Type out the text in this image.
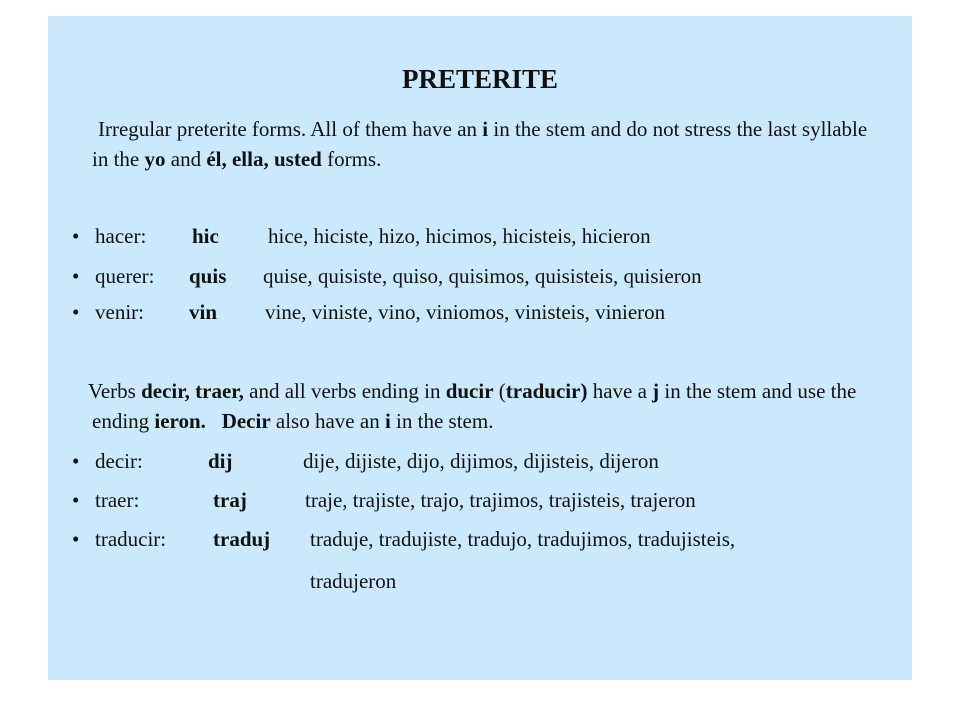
PRETERITE
Irregular preterite forms. All of them have an i in the stem and do not stress the last syllable in the yo and él, ella, usted forms.
• hacer: hic hice, hiciste, hizo, hicimos, hicisteis, hicieron
• querer: quis quise, quisiste, quiso, quisimos, quisisteis, quisieron
• venir: vin vine, viniste, vino, viniomos, vinisteis, vinieron
Verbs decir, traer, and all verbs ending in ducir (traducir) have a j in the stem and use the ending ieron. Decir also have an i in the stem.
• decir:	dij	dije, dijiste, dijo, dijimos, dijisteis, dijeron
• traer:	traj	traje, trajiste, trajo, trajimos, trajisteis, trajeron
• traducir: traduj traduje, tradujiste, tradujo, tradujimos, tradujisteis,
tradujeron
